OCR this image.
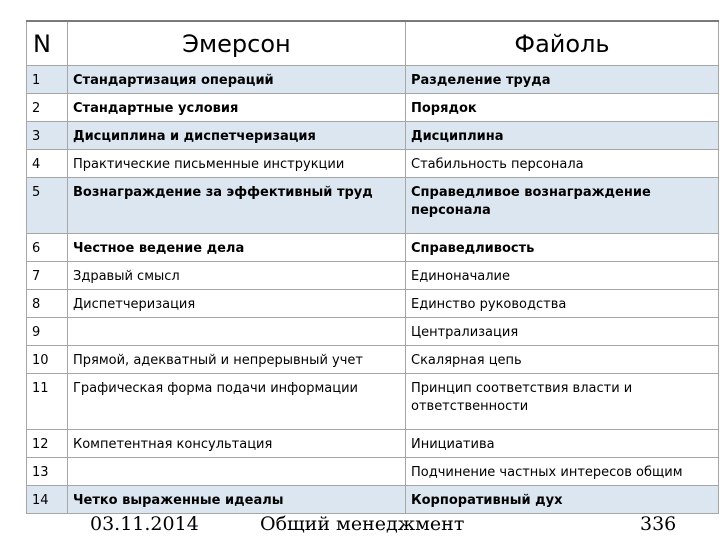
N	Эмерсон	Файоль
1	Стандартизация операций	Разделение труда
2	Стандартные условия	Порядок
3	Дисциплина и диспетчеризация	Дисциплина
4	Практические письменные инструкции	Стабильность персонала
5	Вознаграждение за эффективный труд	Справедливое вознаграждение персонала
6	Честное ведение дела	Справедливость
7	Здравый смысл	Единоначалие
8	Диспетчеризация	Единство руководства
9		Централизация
10	Прямой, адекватный и непрерывный учет	Скалярная цепь
11	Графическая форма подачи информации	Принцип соответствия власти и ответственности
12	Компетентная консультация	Инициатива
13		Подчинение частных интересов общим
14	Четко выраженные идеалы	Корпоративный дух
03.11.2014	Общий менеджмент	336
